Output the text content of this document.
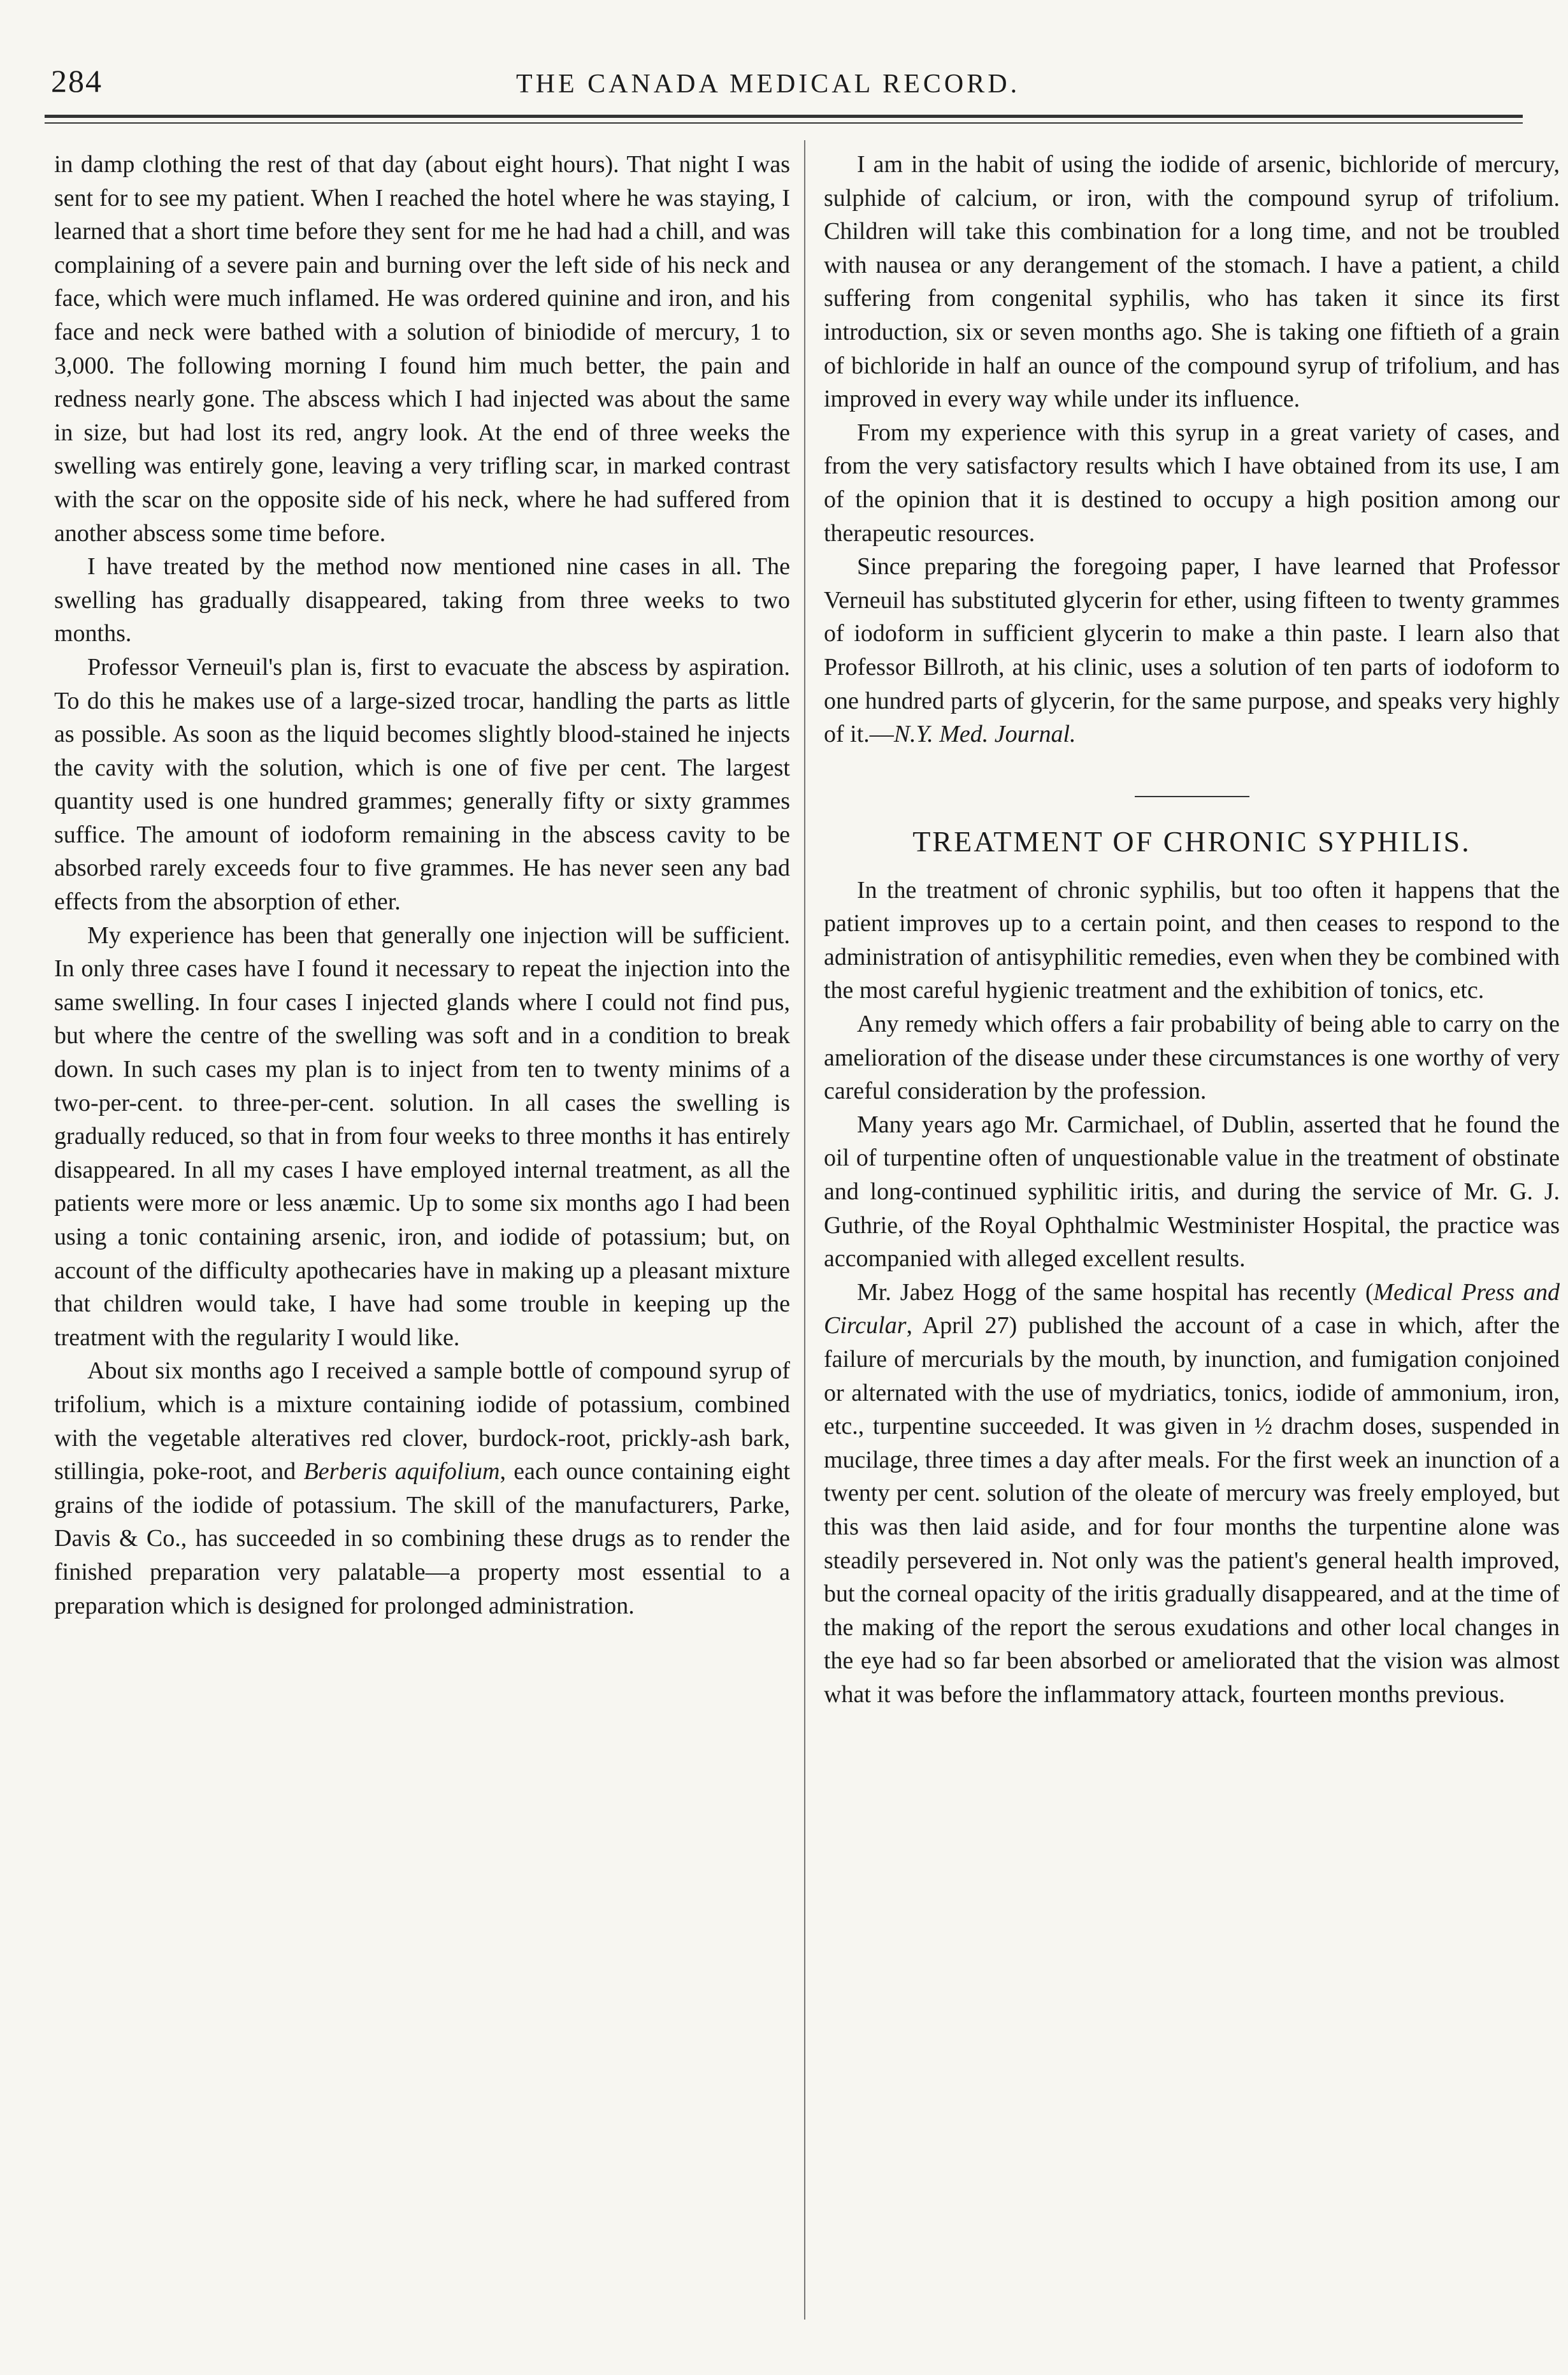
284	THE CANADA MEDICAL RECORD.

in damp clothing the rest of that day (about eight hours). That night I was sent for to see my patient. When I reached the hotel where he was staying, I learned that a short time before they sent for me he had had a chill, and was complaining of a severe pain and burning over the left side of his neck and face, which were much inflamed. He was ordered quinine and iron, and his face and neck were bathed with a solution of biniodide of mercury, 1 to 3,000. The following morning I found him much better, the pain and redness nearly gone. The abscess which I had injected was about the same in size, but had lost its red, angry look. At the end of three weeks the swelling was entirely gone, leaving a very trifling scar, in marked contrast with the scar on the opposite side of his neck, where he had suffered from another abscess some time before.

I have treated by the method now mentioned nine cases in all. The swelling has gradually disappeared, taking from three weeks to two months.

Professor Verneuil's plan is, first to evacuate the abscess by aspiration. To do this he makes use of a large-sized trocar, handling the parts as little as possible. As soon as the liquid becomes slightly blood-stained he injects the cavity with the solution, which is one of five per cent. The largest quantity used is one hundred grammes; generally fifty or sixty grammes suffice. The amount of iodoform remaining in the abscess cavity to be absorbed rarely exceeds four to five grammes. He has never seen any bad effects from the absorption of ether.

My experience has been that generally one injection will be sufficient. In only three cases have I found it necessary to repeat the injection into the same swelling. In four cases I injected glands where I could not find pus, but where the centre of the swelling was soft and in a condition to break down. In such cases my plan is to inject from ten to twenty minims of a two-per-cent. to three-per-cent. solution. In all cases the swelling is gradually reduced, so that in from four weeks to three months it has entirely disappeared. In all my cases I have employed internal treatment, as all the patients were more or less anæmic. Up to some six months ago I had been using a tonic containing arsenic, iron, and iodide of potassium; but, on account of the difficulty apothecaries have in making up a pleasant mixture that children would take, I have had some trouble in keeping up the treatment with the regularity I would like.

About six months ago I received a sample bottle of compound syrup of trifolium, which is a mixture containing iodide of potassium, combined with the vegetable alteratives red clover, burdock-root, prickly-ash bark, stillingia, poke-root, and Berberis aquifolium, each ounce containing eight grains of the iodide of potassium. The skill of the manufacturers, Parke, Davis & Co., has succeeded in so combining these drugs as to render the finished preparation very palatable—a property most essential to a preparation which is designed for prolonged administration.

I am in the habit of using the iodide of arsenic, bichloride of mercury, sulphide of calcium, or iron, with the compound syrup of trifolium. Children will take this combination for a long time, and not be troubled with nausea or any derangement of the stomach. I have a patient, a child suffering from congenital syphilis, who has taken it since its first introduction, six or seven months ago. She is taking one fiftieth of a grain of bichloride in half an ounce of the compound syrup of trifolium, and has improved in every way while under its influence.

From my experience with this syrup in a great variety of cases, and from the very satisfactory results which I have obtained from its use, I am of the opinion that it is destined to occupy a high position among our therapeutic resources.

Since preparing the foregoing paper, I have learned that Professor Verneuil has substituted glycerin for ether, using fifteen to twenty grammes of iodoform in sufficient glycerin to make a thin paste. I learn also that Professor Billroth, at his clinic, uses a solution of ten parts of iodoform to one hundred parts of glycerin, for the same purpose, and speaks very highly of it.—N.Y. Med. Journal.

TREATMENT OF CHRONIC SYPHILIS.

In the treatment of chronic syphilis, but too often it happens that the patient improves up to a certain point, and then ceases to respond to the administration of antisyphilitic remedies, even when they be combined with the most careful hygienic treatment and the exhibition of tonics, etc.

Any remedy which offers a fair probability of being able to carry on the amelioration of the disease under these circumstances is one worthy of very careful consideration by the profession.

Many years ago Mr. Carmichael, of Dublin, asserted that he found the oil of turpentine often of unquestionable value in the treatment of obstinate and long-continued syphilitic iritis, and during the service of Mr. G. J. Guthrie, of the Royal Ophthalmic Westminister Hospital, the practice was accompanied with alleged excellent results.

Mr. Jabez Hogg of the same hospital has recently (Medical Press and Circular, April 27) published the account of a case in which, after the failure of mercurials by the mouth, by inunction, and fumigation conjoined or alternated with the use of mydriatics, tonics, iodide of ammonium, iron, etc., turpentine succeeded. It was given in ½ drachm doses, suspended in mucilage, three times a day after meals. For the first week an inunction of a twenty per cent. solution of the oleate of mercury was freely employed, but this was then laid aside, and for four months the turpentine alone was steadily persevered in. Not only was the patient's general health improved, but the corneal opacity of the iritis gradually disappeared, and at the time of the making of the report the serous exudations and other local changes in the eye had so far been absorbed or ameliorated that the vision was almost what it was before the inflammatory attack, fourteen months previous.
